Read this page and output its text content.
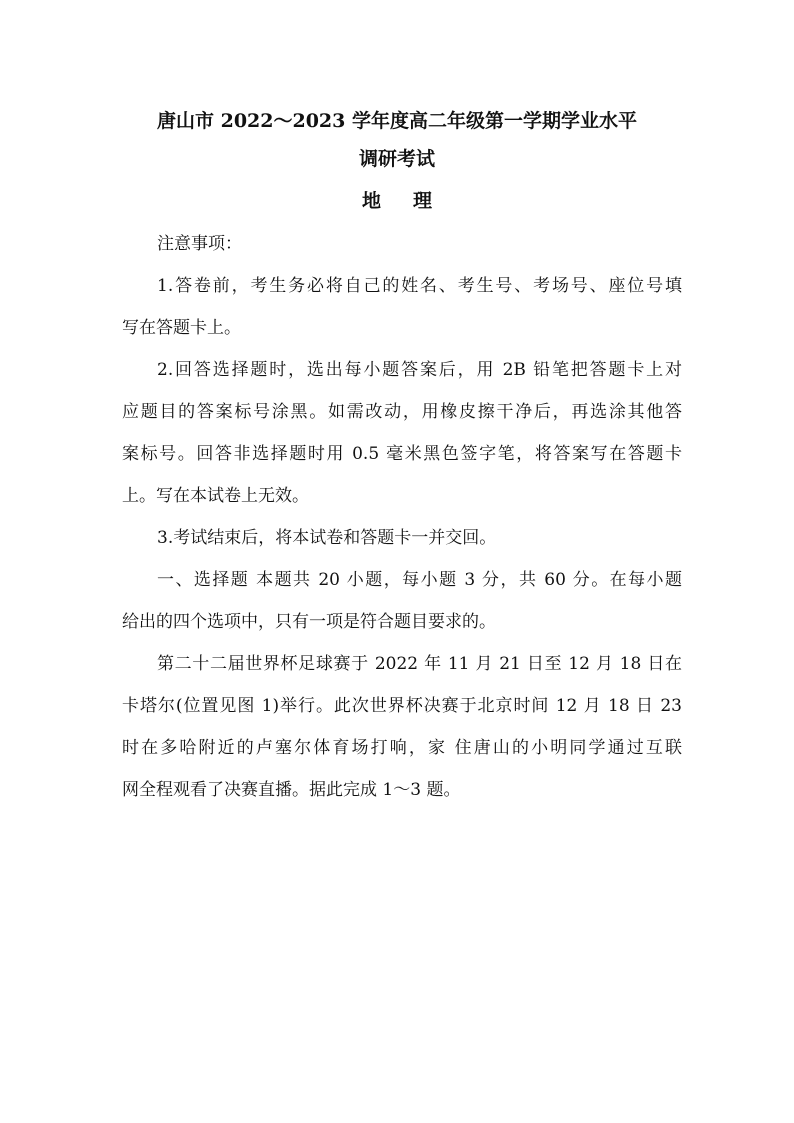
唐山市 2022～2023 学年度高二年级第一学期学业水平
调研考试
地 理
注意事项：
1.答卷前，考生务必将自己的姓名、考生号、考场号、座位号填
写在答题卡上。
2.回答选择题时，选出每小题答案后，用 2B 铅笔把答题卡上对
应题目的答案标号涂黑。如需改动，用橡皮擦干净后，再选涂其他答
案标号。回答非选择题时用 0.5 毫米黑色签字笔，将答案写在答题卡
上。写在本试卷上无效。
3.考试结束后，将本试卷和答题卡一并交回。
一、选择题 本题共 20 小题，每小题 3 分，共 60 分。在每小题
给出的四个选项中，只有一项是符合题目要求的。
第二十二届世界杯足球赛于 2022 年 11 月 21 日至 12 月 18 日在
卡塔尔(位置见图 1)举行。此次世界杯决赛于北京时间 12 月 18 日 23
时在多哈附近的卢塞尔体育场打响，家 住唐山的小明同学通过互联
网全程观看了决赛直播。据此完成 1～3 题。
